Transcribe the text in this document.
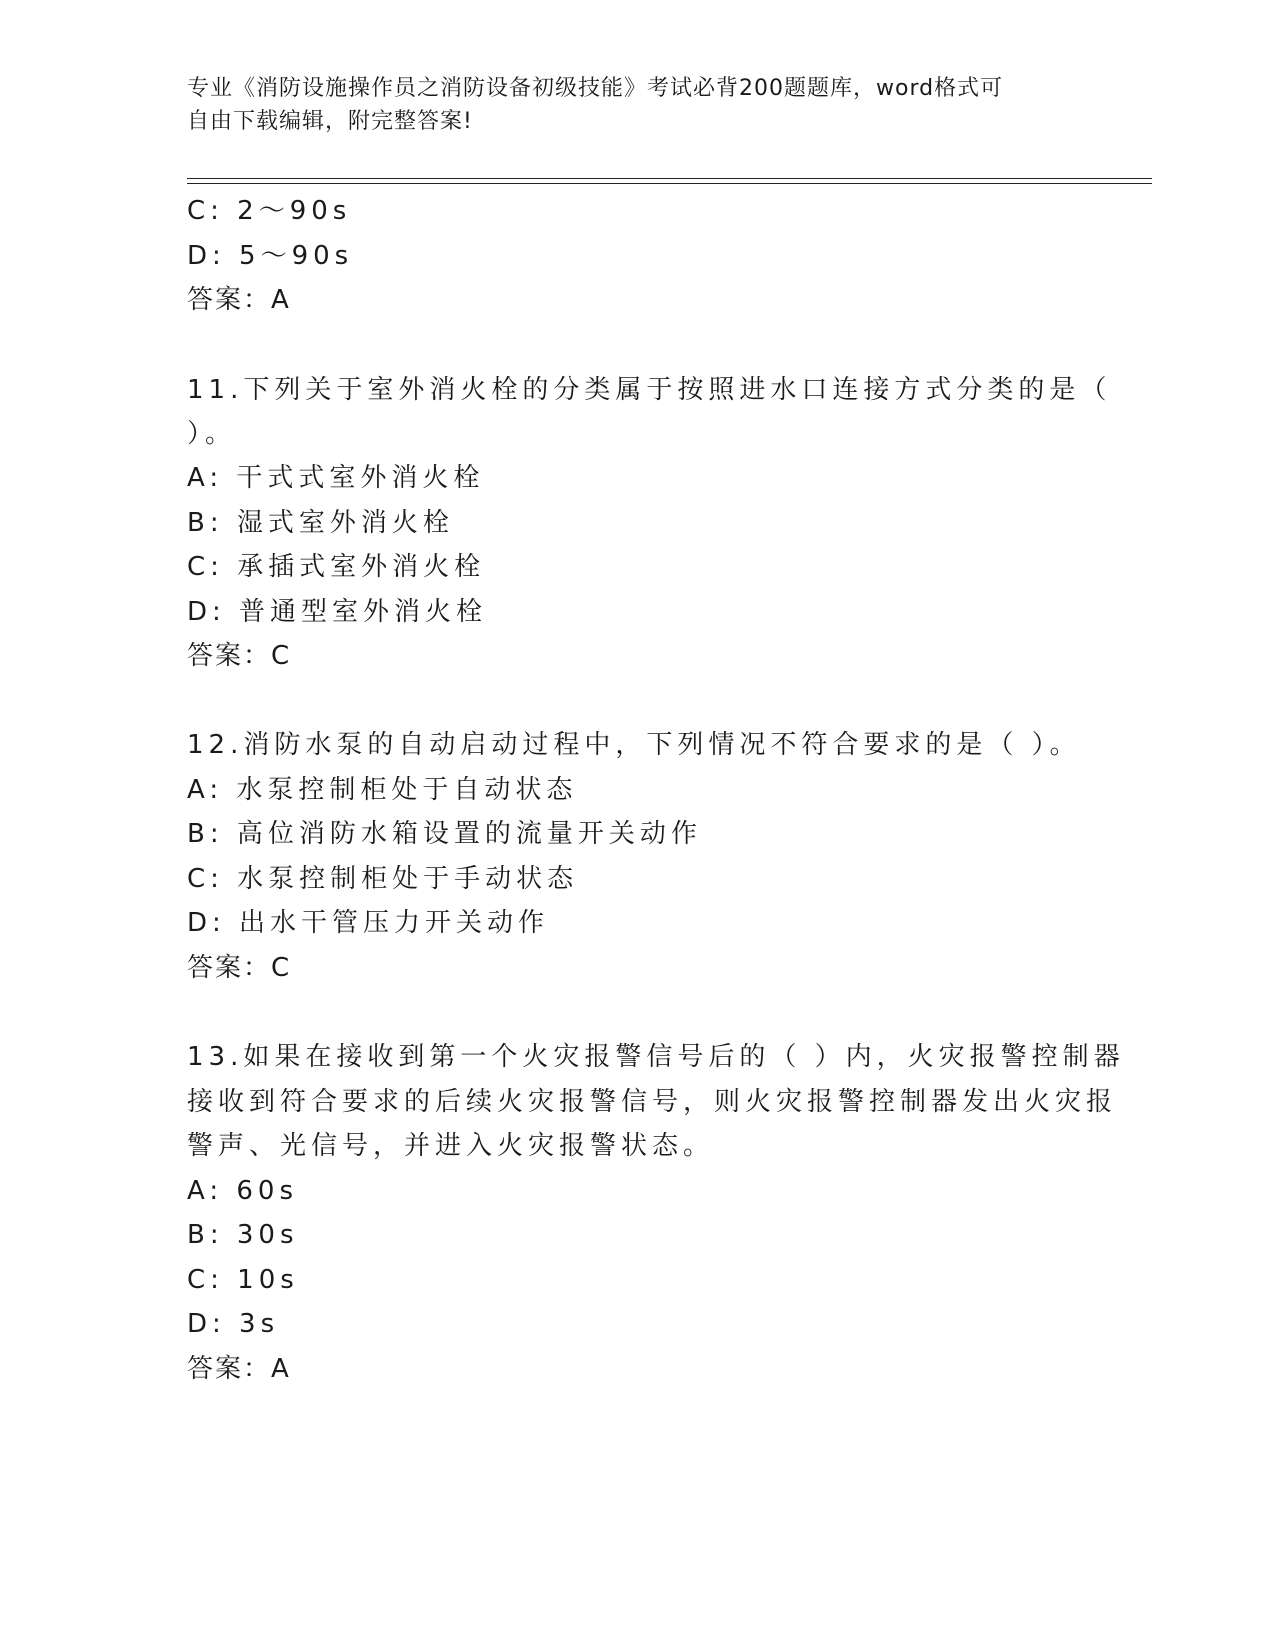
专业《消防设施操作员之消防设备初级技能》考试必背200题题库，word格式可
自由下载编辑，附完整答案!
C: 2～90s
D: 5～90s
答案：A
11.下列关于室外消火栓的分类属于按照进水口连接方式分类的是（
）。
A: 干式式室外消火栓
B: 湿式室外消火栓
C: 承插式室外消火栓
D: 普通型室外消火栓
答案：C
12.消防水泵的自动启动过程中，下列情况不符合要求的是（ ）。
A: 水泵控制柜处于自动状态
B: 高位消防水箱设置的流量开关动作
C: 水泵控制柜处于手动状态
D: 出水干管压力开关动作
答案：C
13.如果在接收到第一个火灾报警信号后的（ ）内，火灾报警控制器
接收到符合要求的后续火灾报警信号，则火灾报警控制器发出火灾报
警声、光信号，并进入火灾报警状态。
A: 60s
B: 30s
C: 10s
D: 3s
答案：A
